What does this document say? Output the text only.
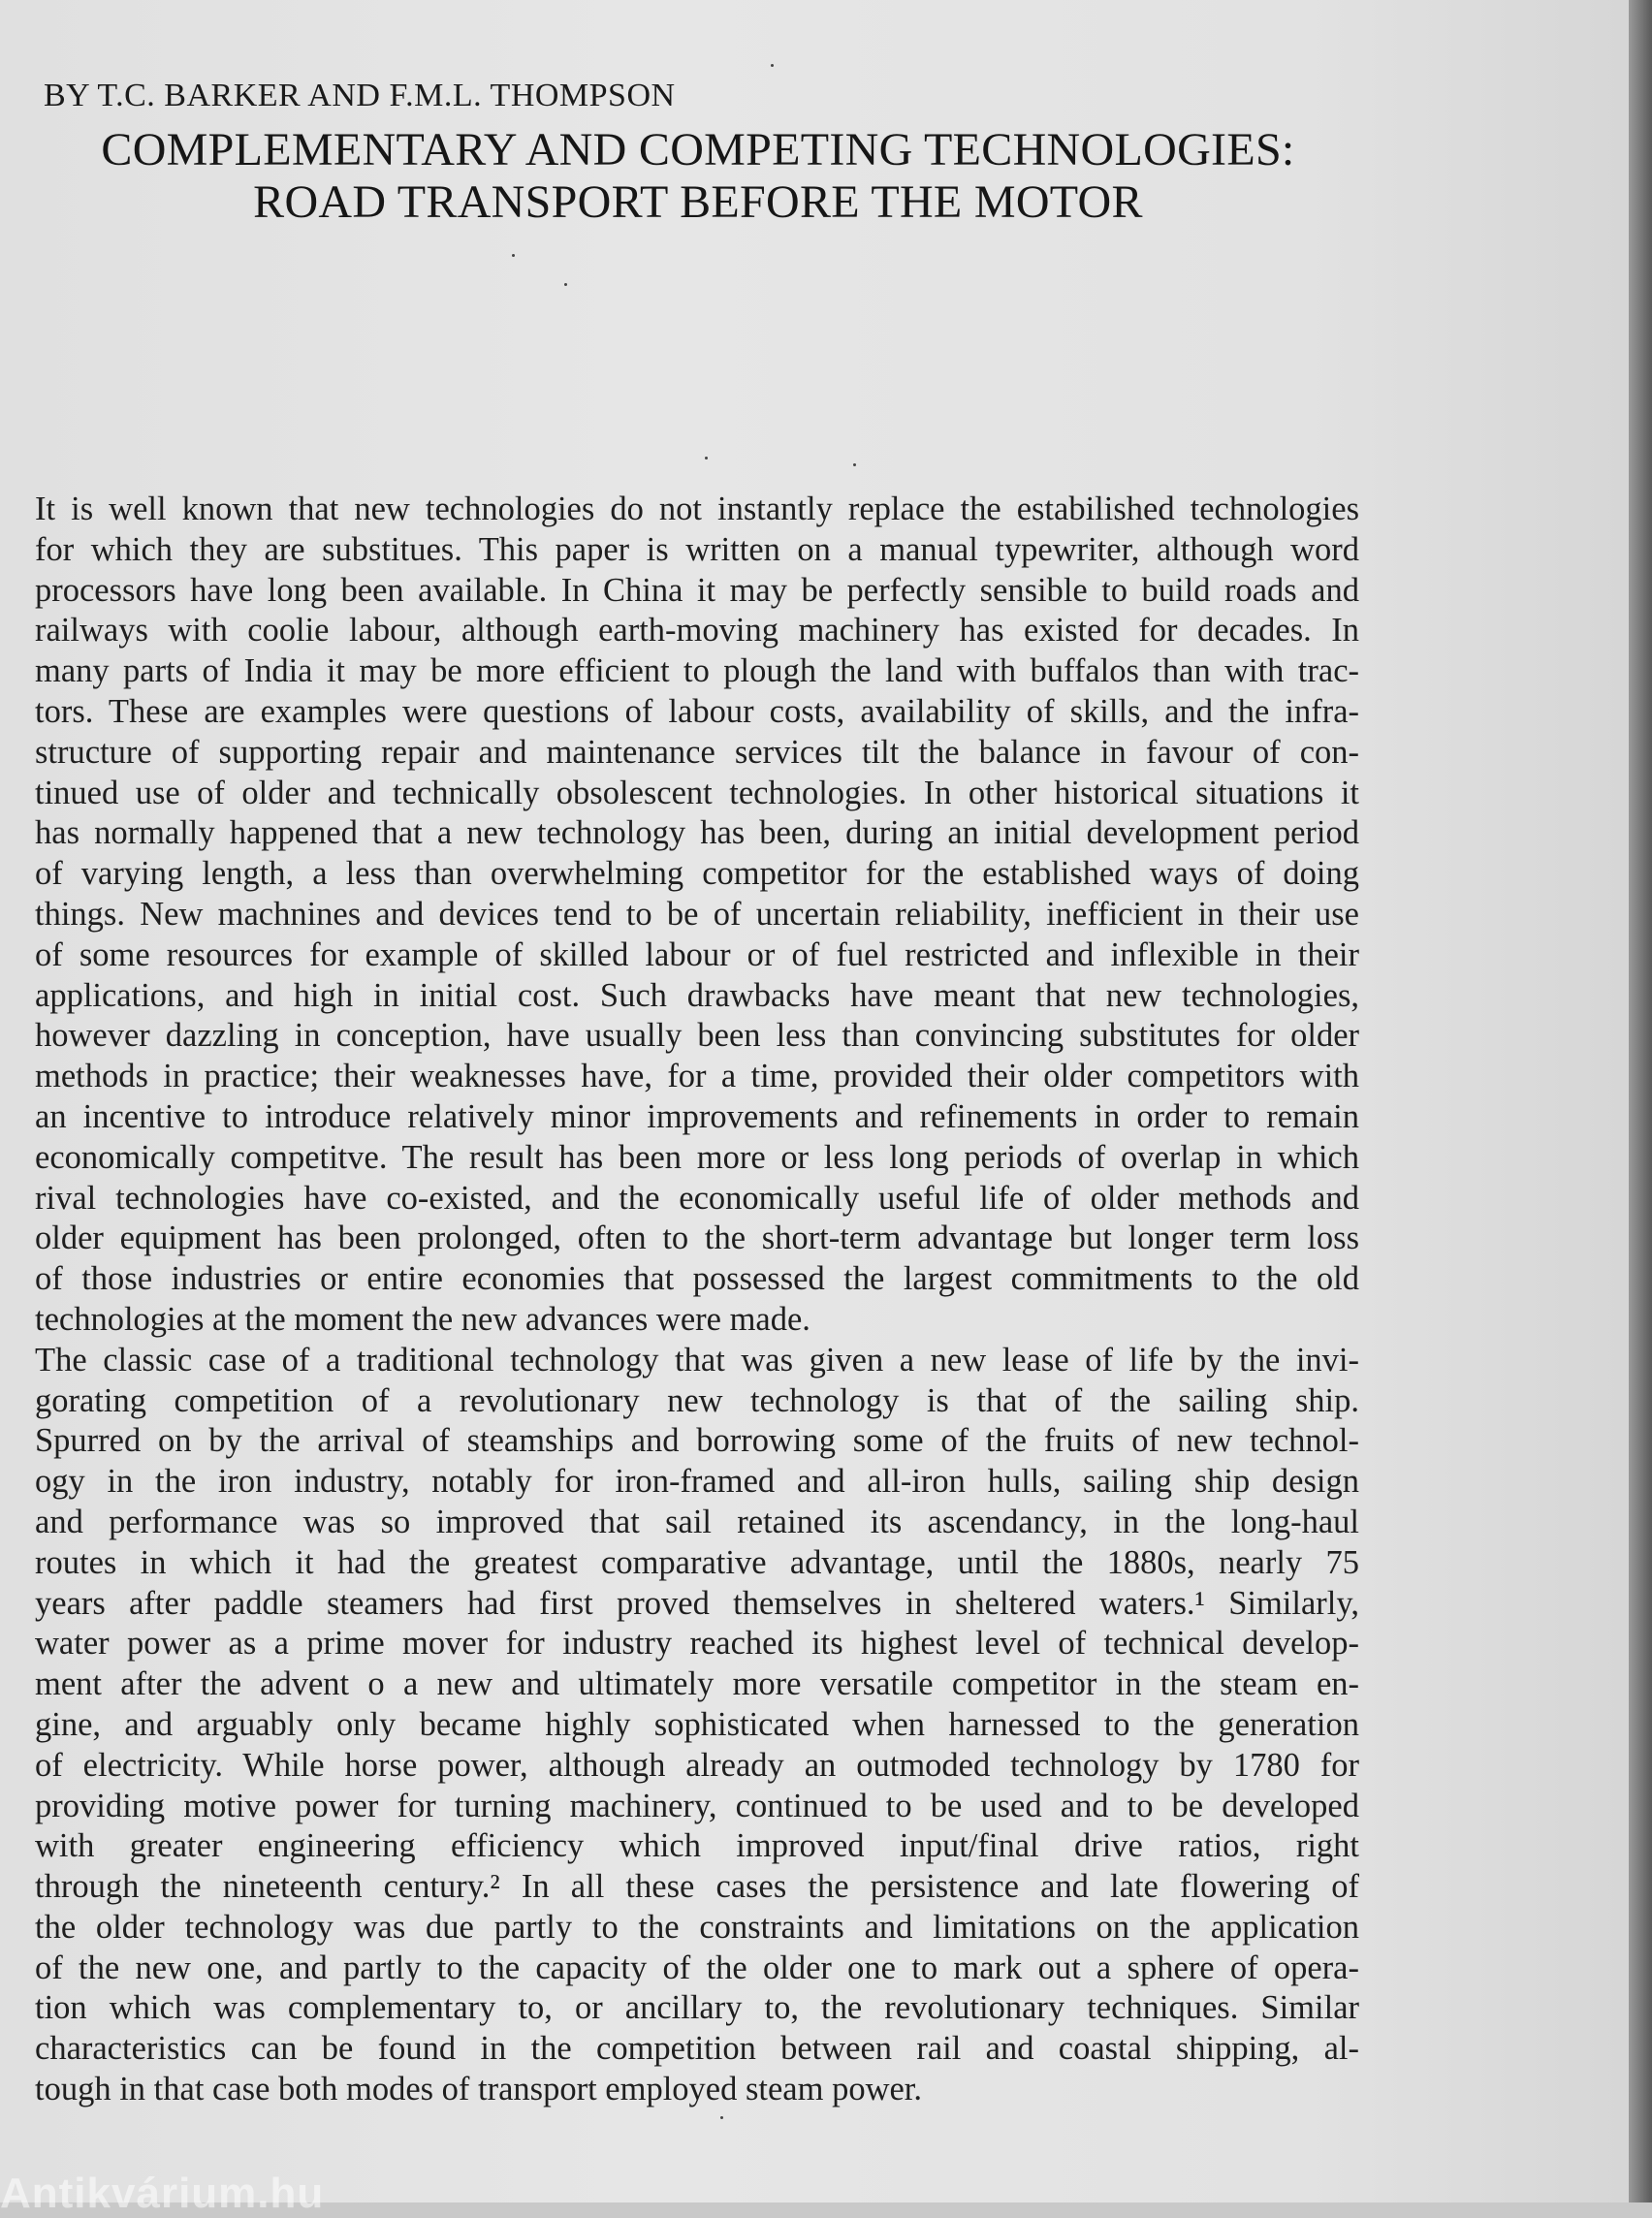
BY T.C. BARKER AND F.M.L. THOMPSON
COMPLEMENTARY AND COMPETING TECHNOLOGIES:
ROAD TRANSPORT BEFORE THE MOTOR
It is well known that new technologies do not instantly replace the estabilished technologies
for which they are substitues. This paper is written on a manual typewriter, although word
processors have long been available. In China it may be perfectly sensible to build roads and
railways with coolie labour, although earth-moving machinery has existed for decades. In
many parts of India it may be more efficient to plough the land with buffalos than with trac-
tors. These are examples were questions of labour costs, availability of skills, and the infra-
structure of supporting repair and maintenance services tilt the balance in favour of con-
tinued use of older and technically obsolescent technologies. In other historical situations it
has normally happened that a new technology has been, during an initial development period
of varying length, a less than overwhelming competitor for the established ways of doing
things. New machnines and devices tend to be of uncertain reliability, inefficient in their use
of some resources for example of skilled labour or of fuel restricted and inflexible in their
applications, and high in initial cost. Such drawbacks have meant that new technologies,
however dazzling in conception, have usually been less than convincing substitutes for older
methods in practice; their weaknesses have, for a time, provided their older competitors with
an incentive to introduce relatively minor improvements and refinements in order to remain
economically competitve. The result has been more or less long periods of overlap in which
rival technologies have co-existed, and the economically useful life of older methods and
older equipment has been prolonged, often to the short-term advantage but longer term loss
of those industries or entire economies that possessed the largest commitments to the old
technologies at the moment the new advances were made.
The classic case of a traditional technology that was given a new lease of life by the invi-
gorating competition of a revolutionary new technology is that of the sailing ship.
Spurred on by the arrival of steamships and borrowing some of the fruits of new technol-
ogy in the iron industry, notably for iron-framed and all-iron hulls, sailing ship design
and performance was so improved that sail retained its ascendancy, in the long-haul
routes in which it had the greatest comparative advantage, until the 1880s, nearly 75
years after paddle steamers had first proved themselves in sheltered waters.¹ Similarly,
water power as a prime mover for industry reached its highest level of technical develop-
ment after the advent o a new and ultimately more versatile competitor in the steam en-
gine, and arguably only became highly sophisticated when harnessed to the generation
of electricity. While horse power, although already an outmoded technology by 1780 for
providing motive power for turning machinery, continued to be used and to be developed
with greater engineering efficiency which improved input/final drive ratios, right
through the nineteenth century.² In all these cases the persistence and late flowering of
the older technology was due partly to the constraints and limitations on the application
of the new one, and partly to the capacity of the older one to mark out a sphere of opera-
tion which was complementary to, or ancillary to, the revolutionary techniques. Similar
characteristics can be found in the competition between rail and coastal shipping, al-
tough in that case both modes of transport employed steam power.
Antikvárium.hu
